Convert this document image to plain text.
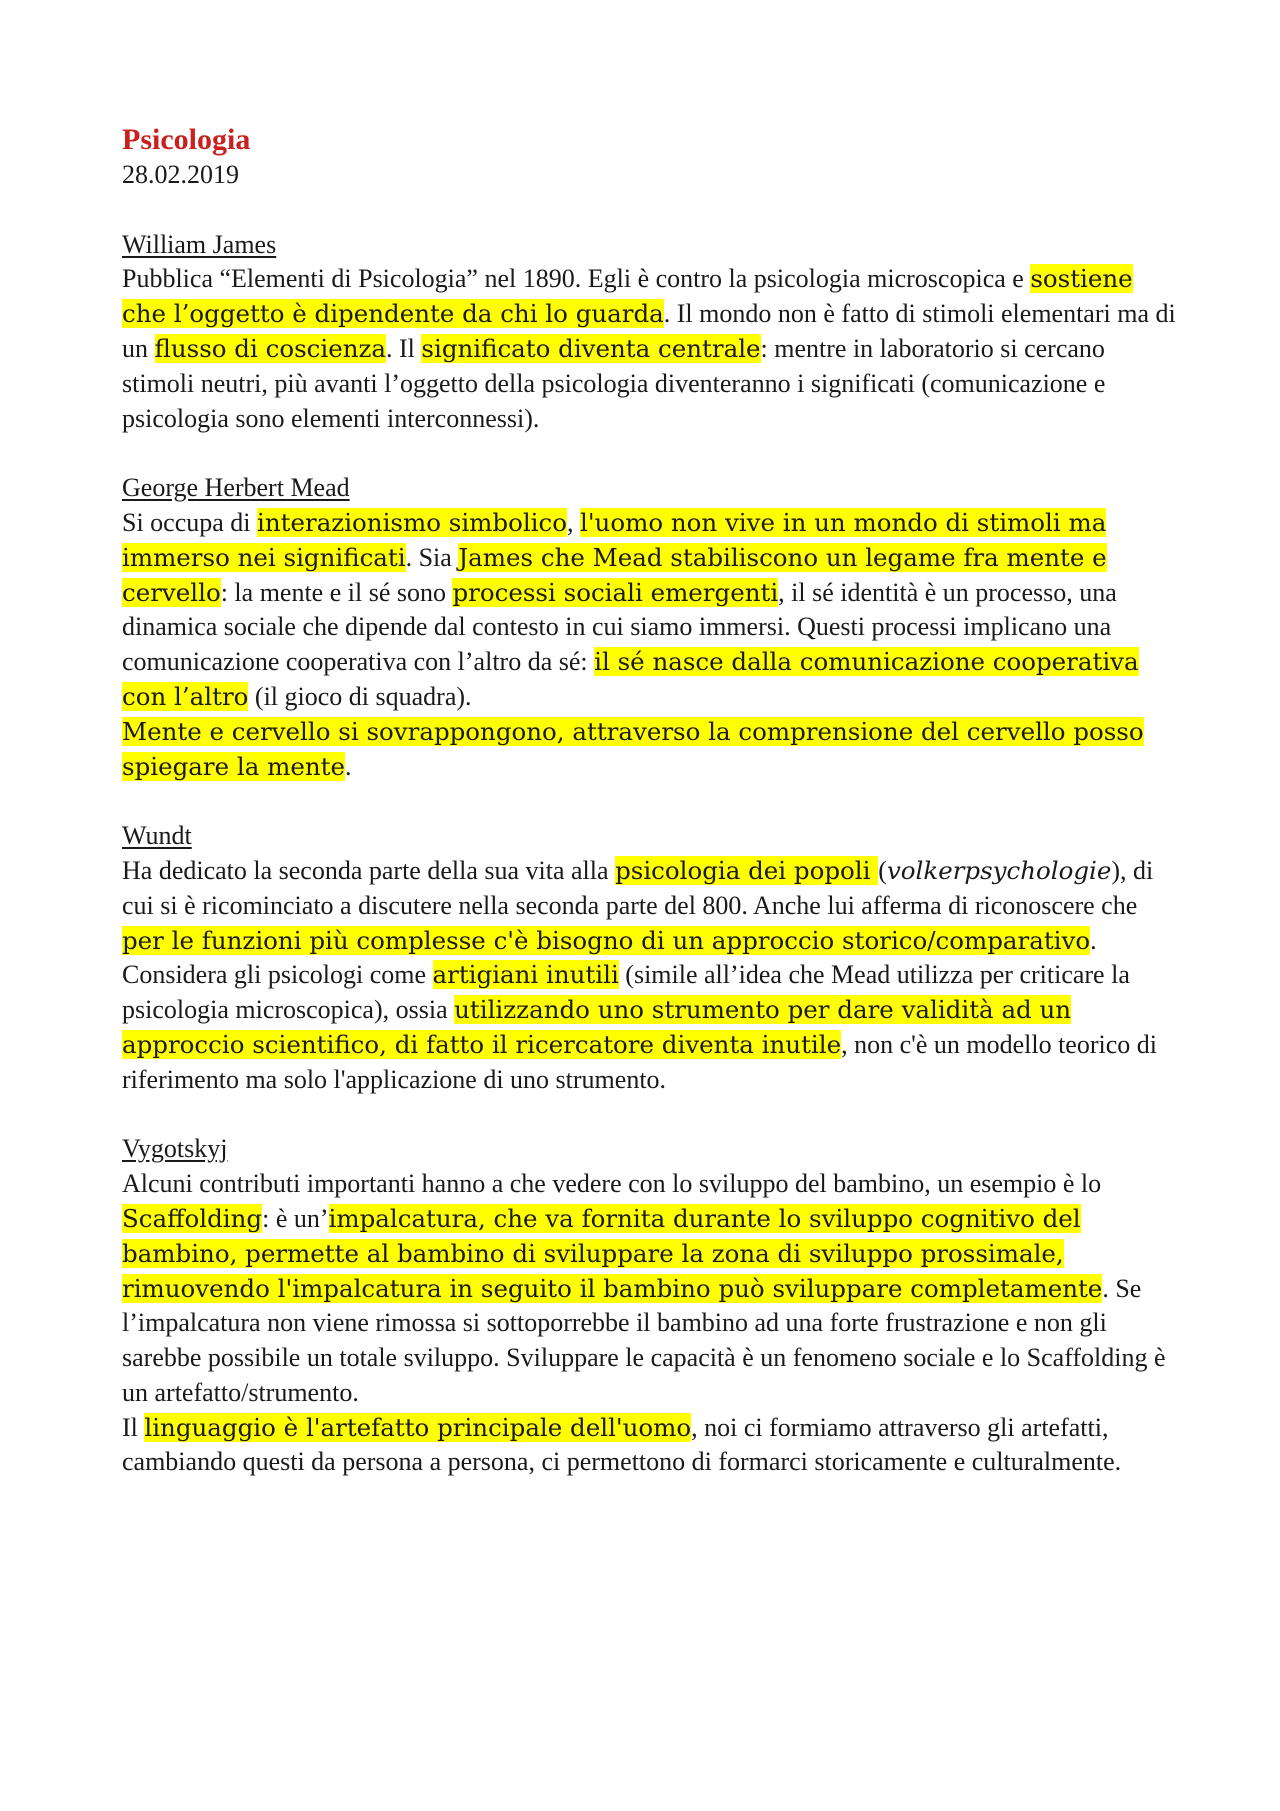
Psicologia

28.02.2019

William James

Pubblica “Elementi di Psicologia” nel 1890. Egli è contro la psicologia microscopica e sostiene che l’oggetto è dipendente da chi lo guarda. Il mondo non è fatto di stimoli elementari ma di un flusso di coscienza. Il significato diventa centrale: mentre in laboratorio si cercano stimoli neutri, più avanti l’oggetto della psicologia diventeranno i significati (comunicazione e psicologia sono elementi interconnessi).

George Herbert Mead

Si occupa di interazionismo simbolico, l'uomo non vive in un mondo di stimoli ma immerso nei significati. Sia James che Mead stabiliscono un legame fra mente e cervello: la mente e il sé sono processi sociali emergenti, il sé identità è un processo, una dinamica sociale che dipende dal contesto in cui siamo immersi. Questi processi implicano una comunicazione cooperativa con l’altro da sé: il sé nasce dalla comunicazione cooperativa con l’altro (il gioco di squadra).

Mente e cervello si sovrappongono, attraverso la comprensione del cervello posso spiegare la mente.

Wundt

Ha dedicato la seconda parte della sua vita alla psicologia dei popoli (volkerpsychologie), di cui si è ricominciato a discutere nella seconda parte del 800. Anche lui afferma di riconoscere che per le funzioni più complesse c'è bisogno di un approccio storico/comparativo. Considera gli psicologi come artigiani inutili (simile all’idea che Mead utilizza per criticare la psicologia microscopica), ossia utilizzando uno strumento per dare validità ad un approccio scientifico, di fatto il ricercatore diventa inutile, non c'è un modello teorico di riferimento ma solo l'applicazione di uno strumento.

Vygotskyj

Alcuni contributi importanti hanno a che vedere con lo sviluppo del bambino, un esempio è lo Scaffolding: è un’impalcatura, che va fornita durante lo sviluppo cognitivo del bambino, permette al bambino di sviluppare la zona di sviluppo prossimale, rimuovendo l'impalcatura in seguito il bambino può sviluppare completamente. Se l’impalcatura non viene rimossa si sottoporrebbe il bambino ad una forte frustrazione e non gli sarebbe possibile un totale sviluppo. Sviluppare le capacità è un fenomeno sociale e lo Scaffolding è un artefatto/strumento.

Il linguaggio è l'artefatto principale dell'uomo, noi ci formiamo attraverso gli artefatti, cambiando questi da persona a persona, ci permettono di formarci storicamente e culturalmente.
